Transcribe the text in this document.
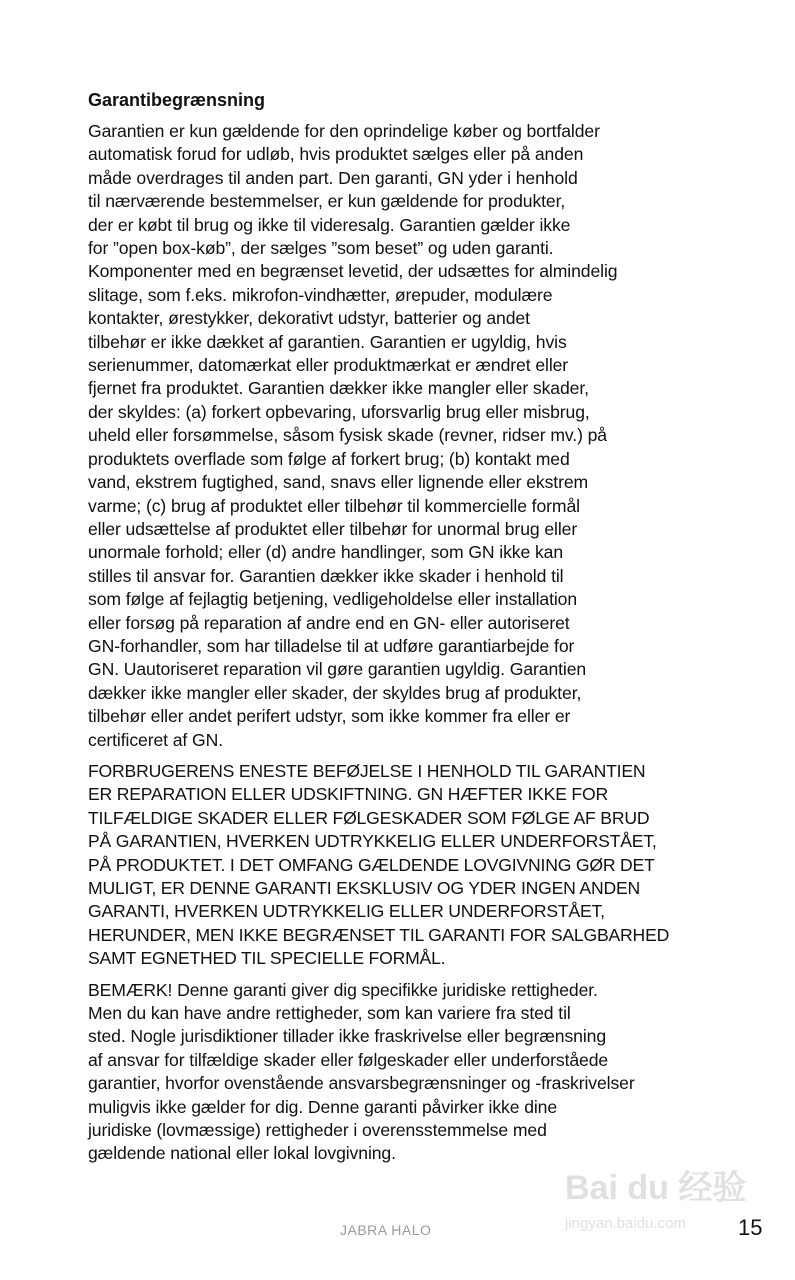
Garantibegrænsning
Garantien er kun gældende for den oprindelige køber og bortfalder
automatisk forud for udløb, hvis produktet sælges eller på anden
måde overdrages til anden part. Den garanti, GN yder i henhold
til nærværende bestemmelser, er kun gældende for produkter,
der er købt til brug og ikke til videresalg. Garantien gælder ikke
for ”open box-køb”, der sælges ”som beset” og uden garanti.
Komponenter med en begrænset levetid, der udsættes for almindelig
slitage, som f.eks. mikrofon-vindhætter, ørepuder, modulære
kontakter, ørestykker, dekorativt udstyr, batterier og andet
tilbehør er ikke dækket af garantien. Garantien er ugyldig, hvis
serienummer, datomærkat eller produktmærkat er ændret eller
fjernet fra produktet. Garantien dækker ikke mangler eller skader,
der skyldes: (a) forkert opbevaring, uforsvarlig brug eller misbrug,
uheld eller forsømmelse, såsom fysisk skade (revner, ridser mv.) på
produktets overflade som følge af forkert brug; (b) kontakt med
vand, ekstrem fugtighed, sand, snavs eller lignende eller ekstrem
varme; (c) brug af produktet eller tilbehør til kommercielle formål
eller udsættelse af produktet eller tilbehør for unormal brug eller
unormale forhold; eller (d) andre handlinger, som GN ikke kan
stilles til ansvar for. Garantien dækker ikke skader i henhold til
som følge af fejlagtig betjening, vedligeholdelse eller installation
eller forsøg på reparation af andre end en GN- eller autoriseret
GN-forhandler, som har tilladelse til at udføre garantiarbejde for
GN. Uautoriseret reparation vil gøre garantien ugyldig. Garantien
dækker ikke mangler eller skader, der skyldes brug af produkter,
tilbehør eller andet perifert udstyr, som ikke kommer fra eller er
certificeret af GN.
FORBRUGERENS ENESTE BEFØJELSE I HENHOLD TIL GARANTIEN
ER REPARATION ELLER UDSKIFTNING. GN HÆFTER IKKE FOR
TILFÆLDIGE SKADER ELLER FØLGESKADER SOM FØLGE AF BRUD
PÅ GARANTIEN, HVERKEN UDTRYKKELIG ELLER UNDERFORSTÅET,
PÅ PRODUKTET. I DET OMFANG GÆLDENDE LOVGIVNING GØR DET
MULIGT, ER DENNE GARANTI EKSKLUSIV OG YDER INGEN ANDEN
GARANTI, HVERKEN UDTRYKKELIG ELLER UNDERFORSTÅET,
HERUNDER, MEN IKKE BEGRÆNSET TIL GARANTI FOR SALGBARHED
SAMT EGNETHED TIL SPECIELLE FORMÅL.
BEMÆRK! Denne garanti giver dig specifikke juridiske rettigheder.
Men du kan have andre rettigheder, som kan variere fra sted til
sted. Nogle jurisdiktioner tillader ikke fraskrivelse eller begrænsning
af ansvar for tilfældige skader eller følgeskader eller underforståede
garantier, hvorfor ovenstående ansvarsbegrænsninger og -fraskrivelser
muligvis ikke gælder for dig. Denne garanti påvirker ikke dine
juridiske (lovmæssige) rettigheder i overensstemmelse med
gældende national eller lokal lovgivning.
JABRA HALO	15
Bai du 经验
jingyan.baidu.com
